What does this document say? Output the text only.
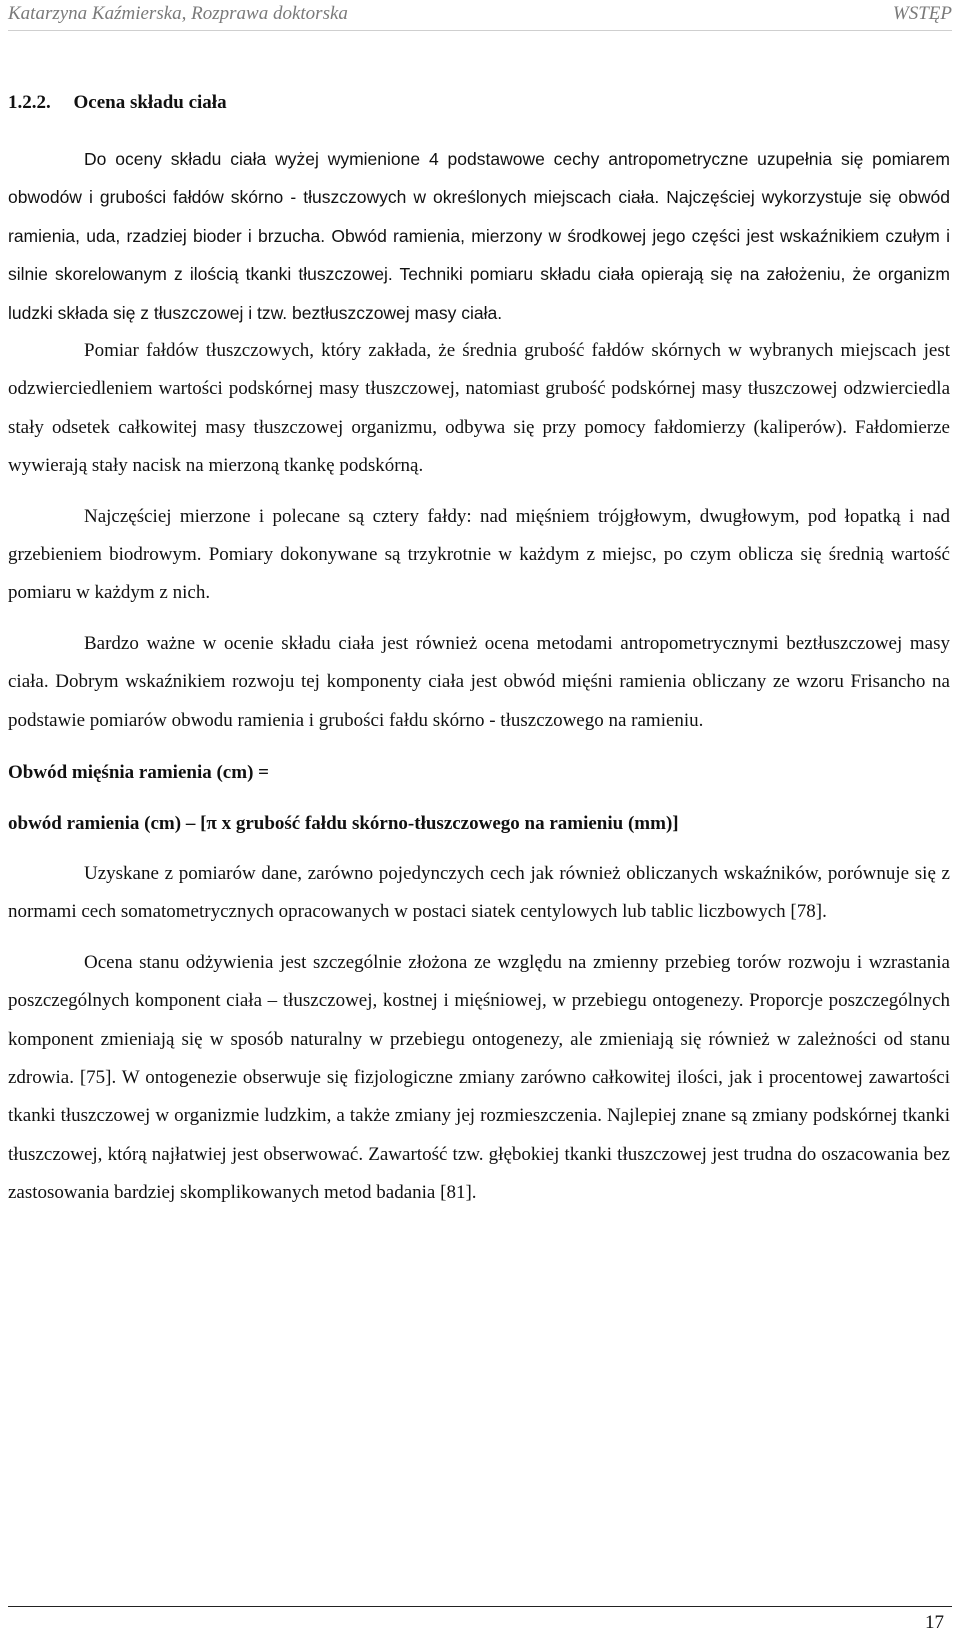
Katarzyna Kaźmierska, Rozprawa doktorska	WSTĘP
1.2.2. Ocena składu ciała

Do oceny składu ciała wyżej wymienione 4 podstawowe cechy antropometryczne uzupełnia się pomiarem obwodów i grubości fałdów skórno - tłuszczowych w określonych miejscach ciała. Najczęściej wykorzystuje się obwód ramienia, uda, rzadziej bioder i brzucha. Obwód ramienia, mierzony w środkowej jego części jest wskaźnikiem czułym i silnie skorelowanym z ilością tkanki tłuszczowej. Techniki pomiaru składu ciała opierają się na założeniu, że organizm ludzki składa się z tłuszczowej i tzw. beztłuszczowej masy ciała.

Pomiar fałdów tłuszczowych, który zakłada, że średnia grubość fałdów skórnych w wybranych miejscach jest odzwierciedleniem wartości podskórnej masy tłuszczowej, natomiast grubość podskórnej masy tłuszczowej odzwierciedla stały odsetek całkowitej masy tłuszczowej organizmu, odbywa się przy pomocy fałdomierzy (kaliperów). Fałdomierze wywierają stały nacisk na mierzoną tkankę podskórną.

Najczęściej mierzone i polecane są cztery fałdy: nad mięśniem trójgłowym, dwugłowym, pod łopatką i nad grzebieniem biodrowym. Pomiary dokonywane są trzykrotnie w każdym z miejsc, po czym oblicza się średnią wartość pomiaru w każdym z nich.

Bardzo ważne w ocenie składu ciała jest również ocena metodami antropometrycznymi beztłuszczowej masy ciała. Dobrym wskaźnikiem rozwoju tej komponenty ciała jest obwód mięśni ramienia obliczany ze wzoru Frisancho na podstawie pomiarów obwodu ramienia i grubości fałdu skórno - tłuszczowego na ramieniu.

Obwód mięśnia ramienia (cm) =

obwód ramienia (cm) – [π x grubość fałdu skórno-tłuszczowego na ramieniu (mm)]

Uzyskane z pomiarów dane, zarówno pojedynczych cech jak również obliczanych wskaźników, porównuje się z normami cech somatometrycznych opracowanych w postaci siatek centylowych lub tablic liczbowych [78].

Ocena stanu odżywienia jest szczególnie złożona ze względu na zmienny przebieg torów rozwoju i wzrastania poszczególnych komponent ciała – tłuszczowej, kostnej i mięśniowej, w przebiegu ontogenezy. Proporcje poszczególnych komponent zmieniają się w sposób naturalny w przebiegu ontogenezy, ale zmieniają się również w zależności od stanu zdrowia. [75]. W ontogenezie obserwuje się fizjologiczne zmiany zarówno całkowitej ilości, jak i procentowej zawartości tkanki tłuszczowej w organizmie ludzkim, a także zmiany jej rozmieszczenia. Najlepiej znane są zmiany podskórnej tkanki tłuszczowej, którą najłatwiej jest obserwować. Zawartość tzw. głębokiej tkanki tłuszczowej jest trudna do oszacowania bez zastosowania bardziej skomplikowanych metod badania [81].

17
